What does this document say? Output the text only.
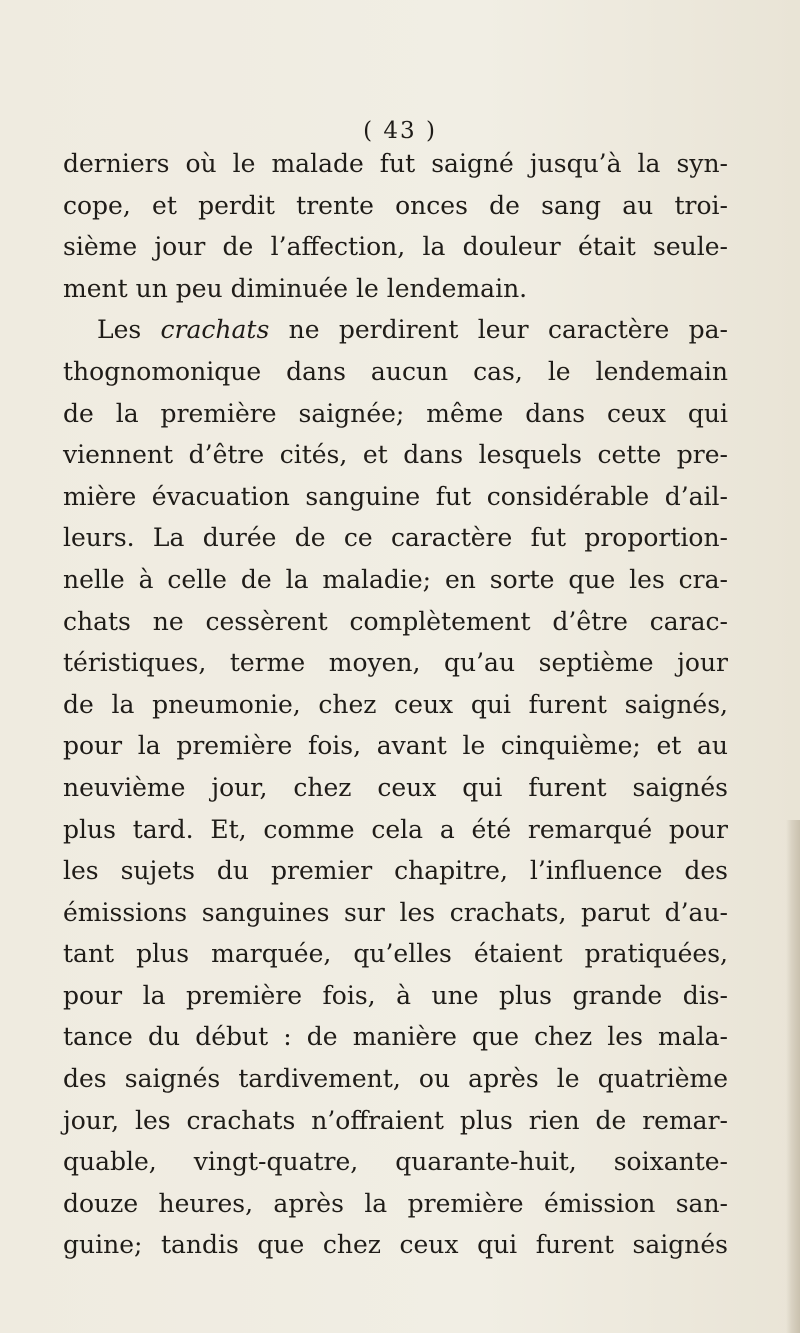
( 43 )
derniers où le malade fut saigné jusqu’à la syn-
cope, et perdit trente onces de sang au troi-
sième jour de l’affection, la douleur était seule-
ment un peu diminuée le lendemain.
Les crachats ne perdirent leur caractère pa-
thognomonique dans aucun cas, le lendemain
de la première saignée; même dans ceux qui
viennent d’être cités, et dans lesquels cette pre-
mière évacuation sanguine fut considérable d’ail-
leurs. La durée de ce caractère fut proportion-
nelle à celle de la maladie; en sorte que les cra-
chats ne cessèrent complètement d’être carac-
téristiques, terme moyen, qu’au septième jour
de la pneumonie, chez ceux qui furent saignés,
pour la première fois, avant le cinquième; et au
neuvième jour, chez ceux qui furent saignés
plus tard. Et, comme cela a été remarqué pour
les sujets du premier chapitre, l’influence des
émissions sanguines sur les crachats, parut d’au-
tant plus marquée, qu’elles étaient pratiquées,
pour la première fois, à une plus grande dis-
tance du début : de manière que chez les mala-
des saignés tardivement, ou après le quatrième
jour, les crachats n’offraient plus rien de remar-
quable, vingt-quatre, quarante-huit, soixante-
douze heures, après la première émission san-
guine; tandis que chez ceux qui furent saignés
